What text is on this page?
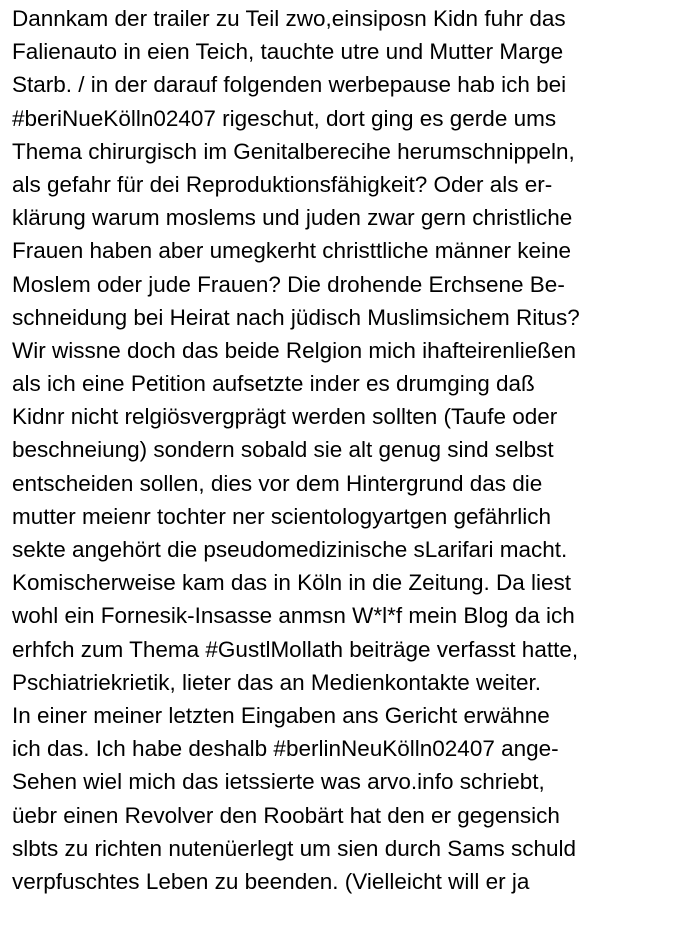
Dannkam der trailer zu Teil zwo,einsiposn Kidn fuhr das
Falienauto in eien Teich, tauchte utre und Mutter Marge
Starb. / in der darauf folgenden werbepause hab ich bei
#beriNueKölln02407 rigeschut, dort ging es gerde ums
Thema chirurgisch im Genitalberecihe herumschnippeln,
als gefahr für dei Reproduktionsfähigkeit? Oder als er-
klärung warum moslems und juden zwar gern christliche
Frauen haben aber umegkerht christtliche männer keine
Moslem oder jude Frauen? Die drohende Erchsene Be-
schneidung bei Heirat nach jüdisch Muslimsichem Ritus?
Wir wissne doch das beide Relgion mich ihafteirenließen
als ich eine Petition aufsetzte inder es drumging daß
Kidnr nicht relgiösvergprägt werden sollten (Taufe oder
beschneiung) sondern sobald sie alt genug sind selbst
entscheiden sollen, dies vor dem Hintergrund das die
mutter meienr tochter ner scientologyartgen gefährlich
sekte angehört die pseudomedizinische sLarifari macht.
Komischerweise kam das in Köln in die Zeitung. Da liest
wohl ein Fornesik-Insasse anmsn W*l*f mein Blog da ich
erhfch zum Thema #GustlMollath beiträge verfasst hatte,
Pschiatriekrietik, lieter das an Medienkontakte weiter.
In einer meiner letzten Eingaben ans Gericht erwähne
ich das. Ich habe deshalb #berlinNeuKölln02407 ange-
Sehen wiel mich das ietssierte was arvo.info schriebt,
üebr einen Revolver den Roobärt hat den er gegensich
slbts zu richten nutenüerlegt um sien durch Sams schuld
verpfuschtes Leben zu beenden. (Vielleicht will er ja
